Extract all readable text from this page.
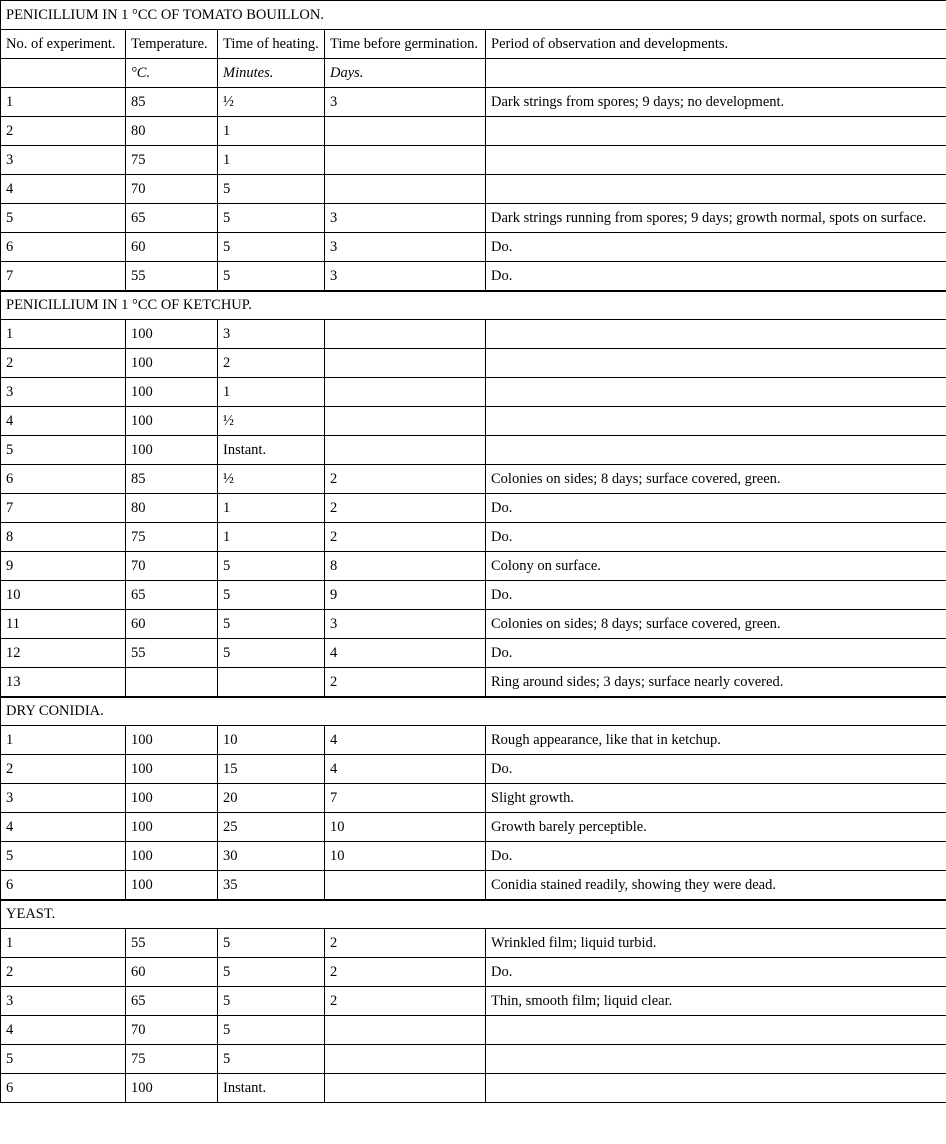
PENICILLIUM IN 1 °CC OF TOMATO BOUILLON.				
No. of experiment.	Temperature.	Time of heating.	Time before germination.	Period of observation and developments.
	°C.	Minutes.	Days.	
1	85	½	3	Dark strings from spores; 9 days; no development.
2	80	1		
3	75	1		
4	70	5		
5	65	5	3	Dark strings running from spores; 9 days; growth normal, spots on surface.
6	60	5	3	Do.
7	55	5	3	Do.
PENICILLIUM IN 1 °CC OF KETCHUP.				
1	100	3		
2	100	2		
3	100	1		
4	100	½		
5	100	Instant.		
6	85	½	2	Colonies on sides; 8 days; surface covered, green.
7	80	1	2	Do.
8	75	1	2	Do.
9	70	5	8	Colony on surface.
10	65	5	9	Do.
11	60	5	3	Colonies on sides; 8 days; surface covered, green.
12	55	5	4	Do.
13			2	Ring around sides; 3 days; surface nearly covered.
DRY CONIDIA.				
1	100	10	4	Rough appearance, like that in ketchup.
2	100	15	4	Do.
3	100	20	7	Slight growth.
4	100	25	10	Growth barely perceptible.
5	100	30	10	Do.
6	100	35		Conidia stained readily, showing they were dead.
YEAST.				
1	55	5	2	Wrinkled film; liquid turbid.
2	60	5	2	Do.
3	65	5	2	Thin, smooth film; liquid clear.
4	70	5		
5	75	5		
6	100	Instant.		
